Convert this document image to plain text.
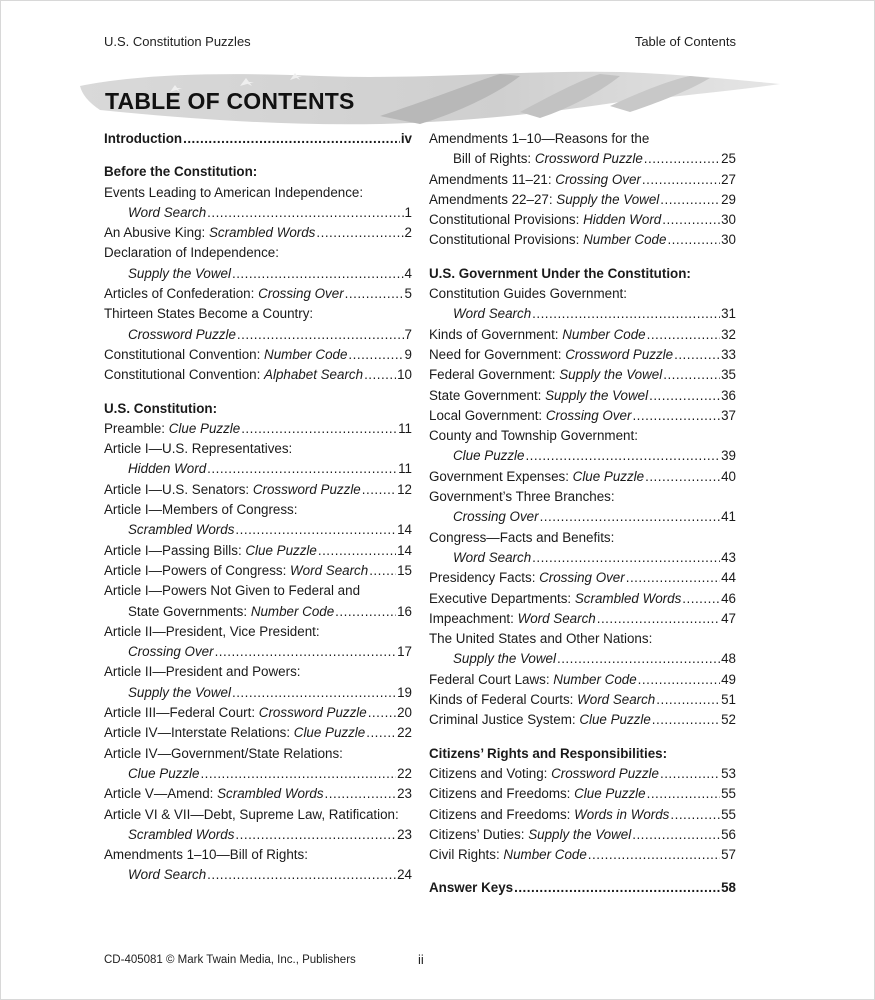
U.S. Constitution Puzzles	Table of Contents
TABLE OF CONTENTS
Introduction .....	iv
Before the Constitution:
Events Leading to American Independence:
Word Search .....	1
An Abusive King: Scrambled Words .....	2
Declaration of Independence:
Supply the Vowel .....	4
Articles of Confederation: Crossing Over .....	5
Thirteen States Become a Country:
Crossword Puzzle .....	7
Constitutional Convention: Number Code .....	9
Constitutional Convention: Alphabet Search .....	10
U.S. Constitution:
Preamble: Clue Puzzle .....	11
Article I—U.S. Representatives:
Hidden Word .....	11
Article I—U.S. Senators: Crossword Puzzle .....	12
Article I—Members of Congress:
Scrambled Words .....	14
Article I—Passing Bills: Clue Puzzle .....	14
Article I—Powers of Congress: Word Search ..... 15
Article I—Powers Not Given to Federal and
State Governments: Number Code .....	16
Article II—President, Vice President:
Crossing Over .....	17
Article II—President and Powers:
Supply the Vowel .....	19
Article III—Federal Court: Crossword Puzzle ..... 20
Article IV—Interstate Relations: Clue Puzzle ..... 22
Article IV—Government/State Relations:
Clue Puzzle .....	22
Article V—Amend: Scrambled Words .....	23
Article VI & VII—Debt, Supreme Law, Ratification:
Scrambled Words .....	23
Amendments 1–10—Bill of Rights:
Word Search .....	24
Amendments 1–10—Reasons for the
Bill of Rights: Crossword Puzzle .....	25
Amendments 11–21: Crossing Over .....	27
Amendments 22–27: Supply the Vowel .....	29
Constitutional Provisions: Hidden Word .....	30
Constitutional Provisions: Number Code .....	30
U.S. Government Under the Constitution:
Constitution Guides Government:
Word Search .....	31
Kinds of Government: Number Code .....	32
Need for Government: Crossword Puzzle .....	33
Federal Government: Supply the Vowel .....	35
State Government: Supply the Vowel .....	36
Local Government: Crossing Over .....	37
County and Township Government:
Clue Puzzle .....	39
Government Expenses: Clue Puzzle .....	40
Government’s Three Branches:
Crossing Over .....	41
Congress—Facts and Benefits:
Word Search .....	43
Presidency Facts: Crossing Over .....	44
Executive Departments: Scrambled Words .....	46
Impeachment: Word Search .....	47
The United States and Other Nations:
Supply the Vowel .....	48
Federal Court Laws: Number Code .....	49
Kinds of Federal Courts: Word Search .....	51
Criminal Justice System: Clue Puzzle .....	52
Citizens’ Rights and Responsibilities:
Citizens and Voting: Crossword Puzzle .....	53
Citizens and Freedoms: Clue Puzzle .....	55
Citizens and Freedoms: Words in Words .....	55
Citizens’ Duties: Supply the Vowel .....	56
Civil Rights: Number Code .....	57
Answer Keys .....	58
CD-405081 © Mark Twain Media, Inc., Publishers	ii
